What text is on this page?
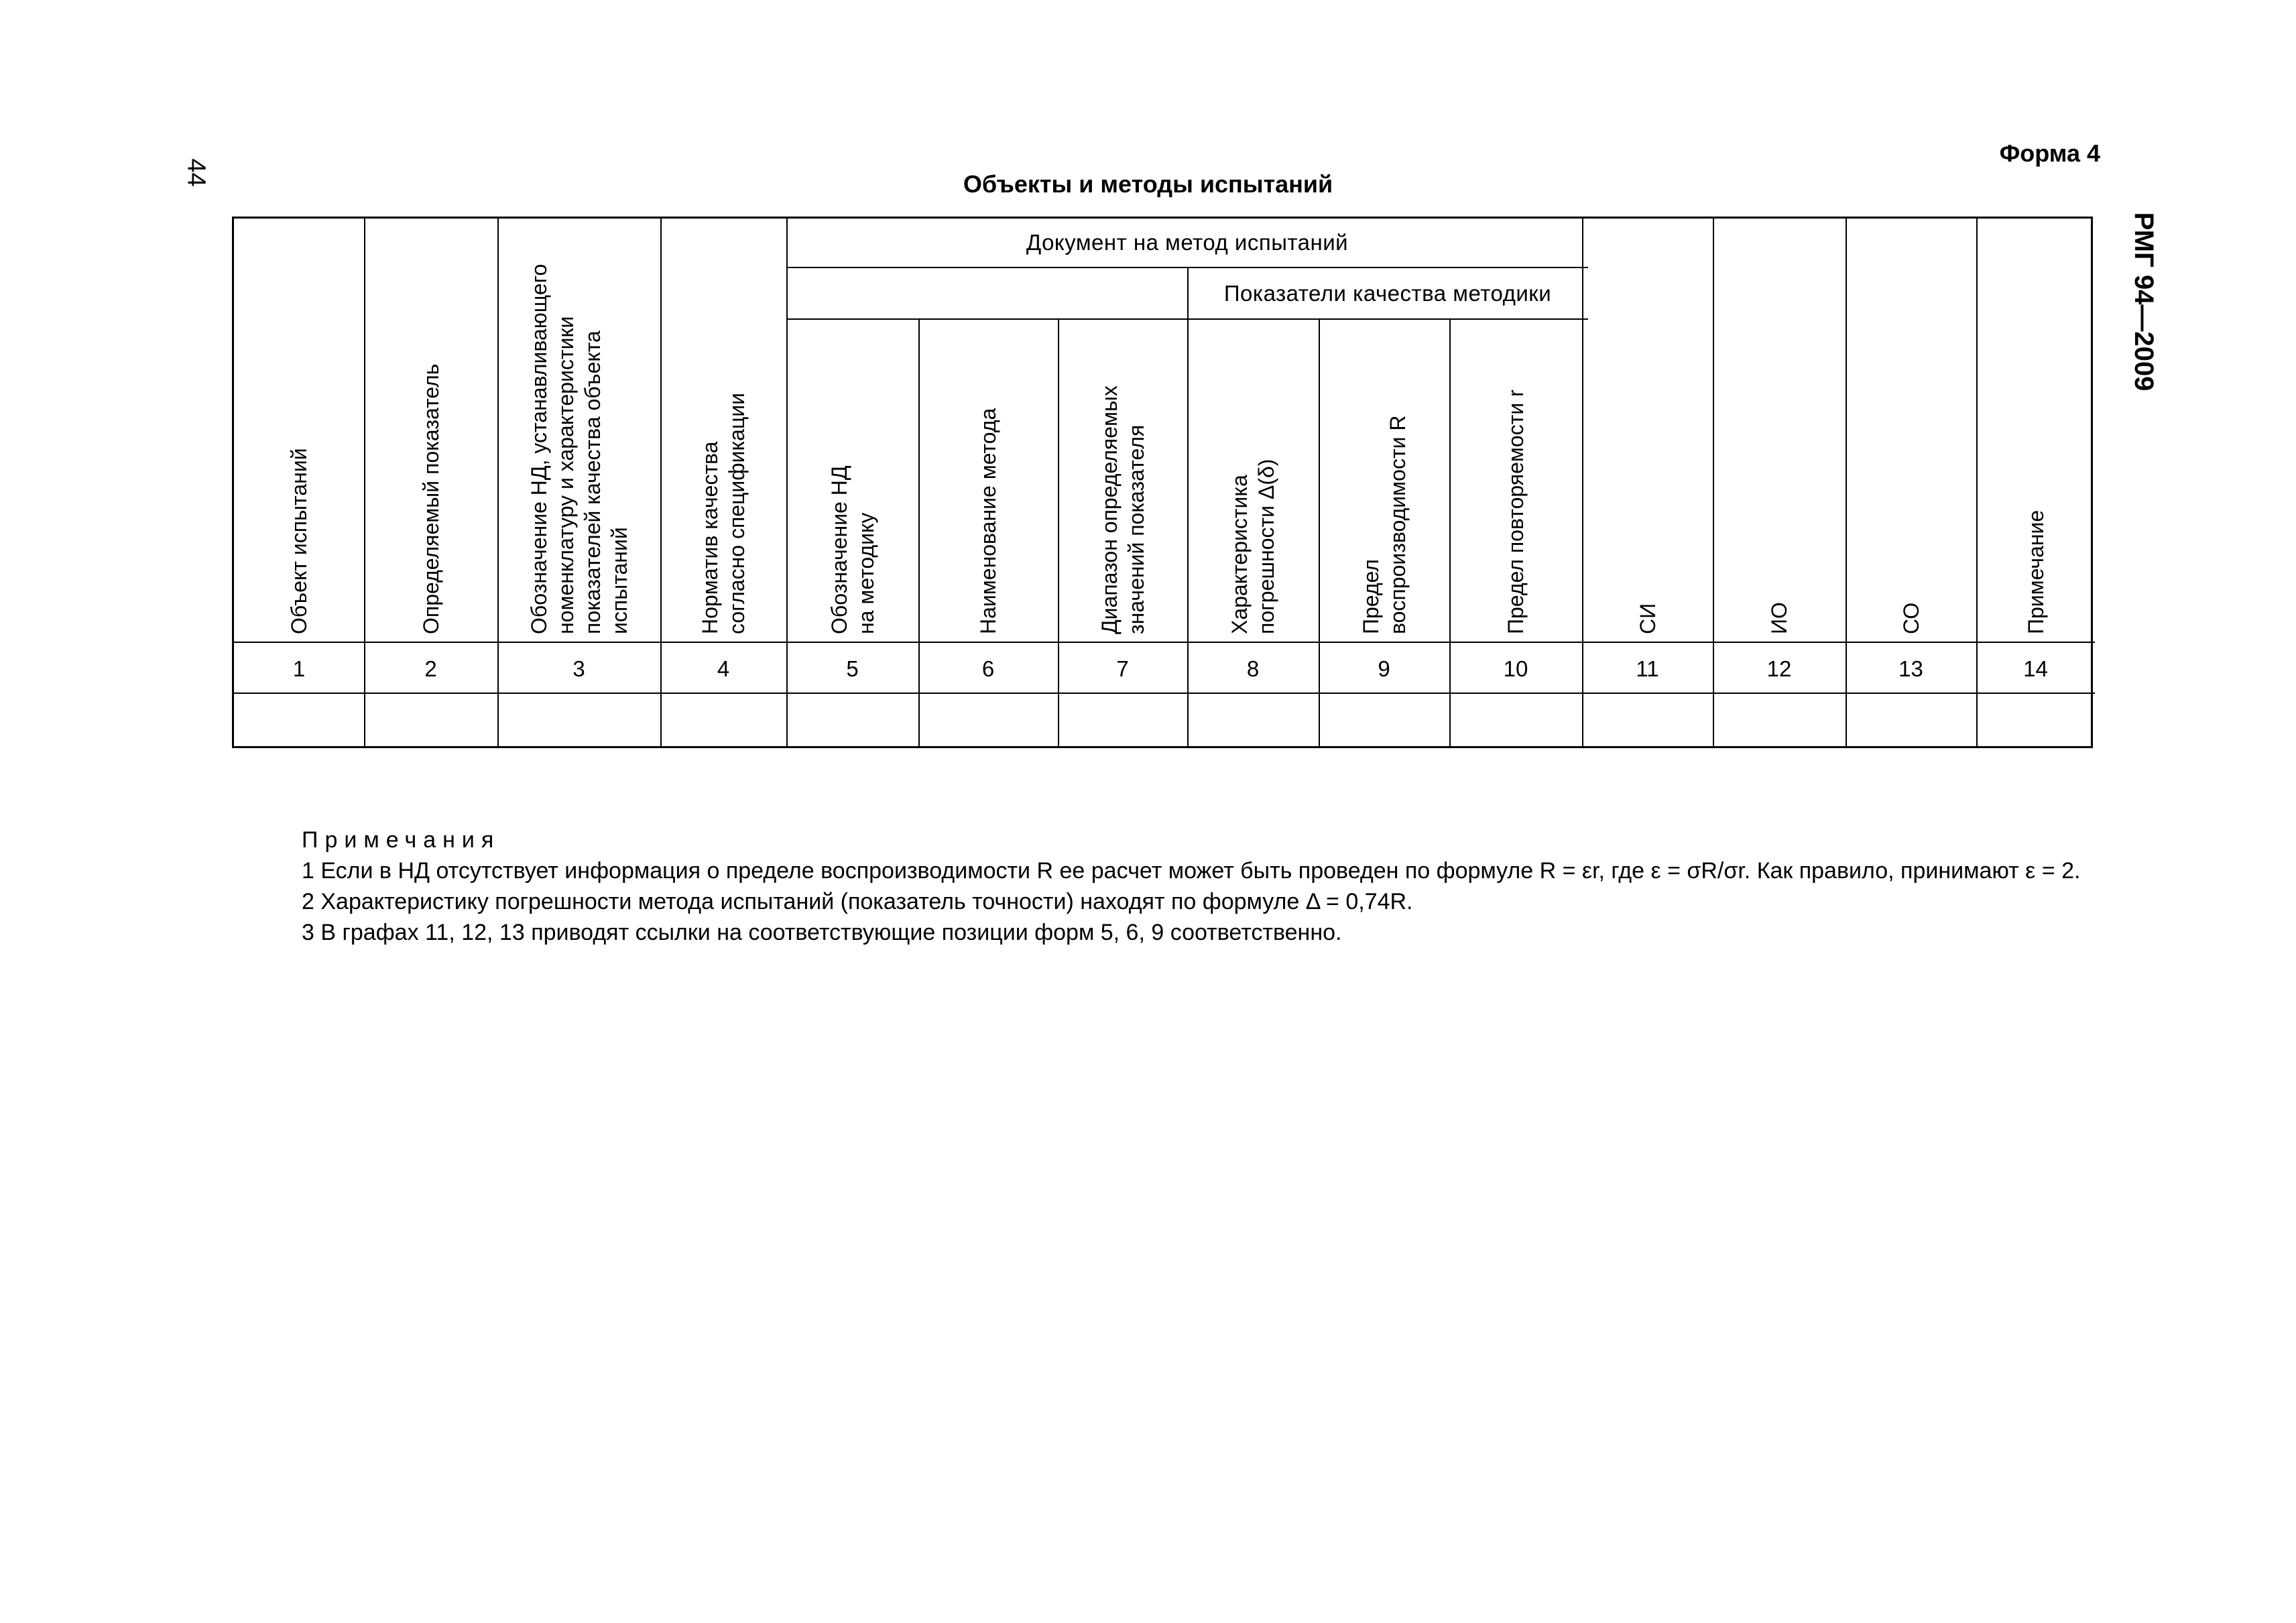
44
РМГ 94—2009
Форма 4
Объекты и методы испытаний
Документ на метод испытаний
Показатели качества методики
Объект испытаний
1
Определяемый показатель
2
Обозначение НД, устанавливающего номенклатуру и характеристики показателей качества объекта испытаний
3
Норматив качества согласно спецификации
4
Обозначение НД на методику
5
Наименование метода
6
Диапазон определяемых значений показателя
7
Характеристика погрешности Δ(δ)
8
Предел воспроизводимости R
9
Предел повторяемости r
10
СИ
11
ИО
12
СО
13
Примечание
14

Примечания

1 Если в НД отсутствует информация о пределе воспроизводимости R ее расчет может быть проведен по формуле R = εr, где ε = σR/σr. Как правило, принимают ε = 2.

2 Характеристику погрешности метода испытаний (показатель точности) находят по формуле Δ = 0,74R.

3 В графах 11, 12, 13 приводят ссылки на соответствующие позиции форм 5, 6, 9 соответственно.
